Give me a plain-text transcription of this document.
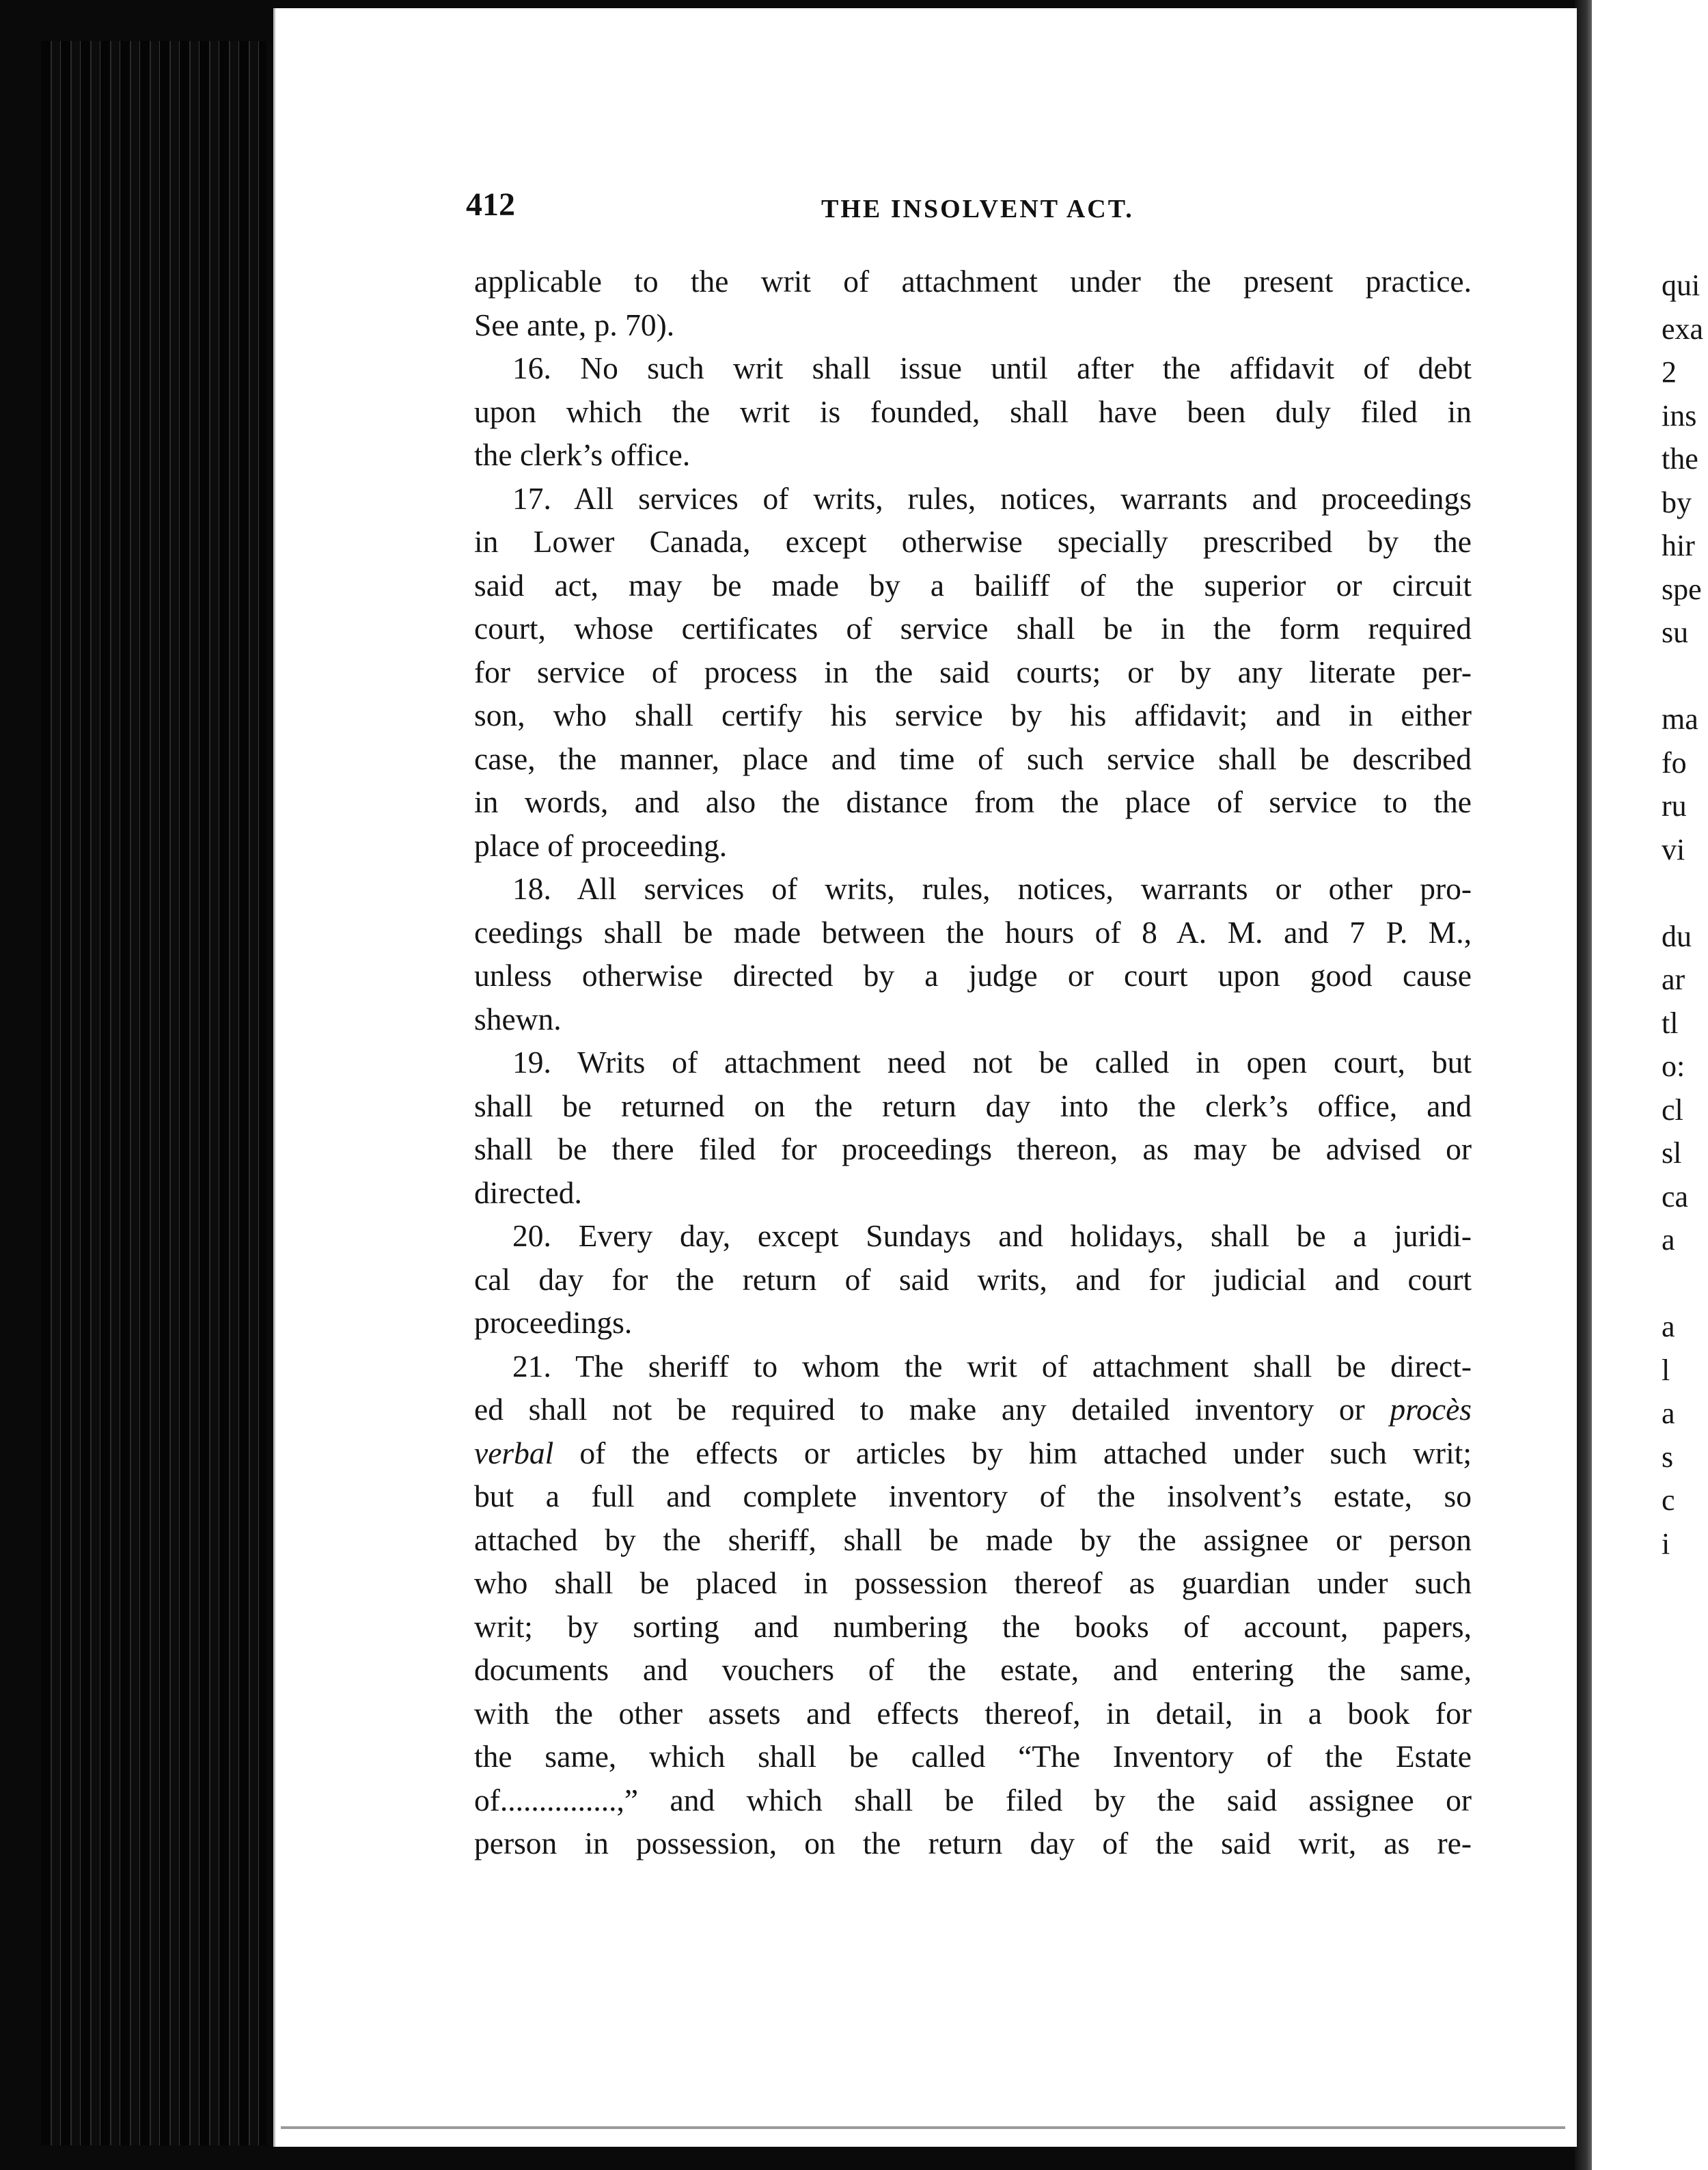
412	THE INSOLVENT ACT.
applicable to the writ of attachment under the present practice.
See ante, p. 70).
16. No such writ shall issue until after the affidavit of debt
upon which the writ is founded, shall have been duly filed in
the clerk’s office.
17. All services of writs, rules, notices, warrants and proceedings
in Lower Canada, except otherwise specially prescribed by the
said act, may be made by a bailiff of the superior or circuit
court, whose certificates of service shall be in the form required
for service of process in the said courts; or by any literate per-
son, who shall certify his service by his affidavit; and in either
case, the manner, place and time of such service shall be described
in words, and also the distance from the place of service to the
place of proceeding.
18. All services of writs, rules, notices, warrants or other pro-
ceedings shall be made between the hours of 8 A. M. and 7 P. M.,
unless otherwise directed by a judge or court upon good cause
shewn.
19. Writs of attachment need not be called in open court, but
shall be returned on the return day into the clerk’s office, and
shall be there filed for proceedings thereon, as may be advised or
directed.
20. Every day, except Sundays and holidays, shall be a juridi-
cal day for the return of said writs, and for judicial and court
proceedings.
21. The sheriff to whom the writ of attachment shall be direct-
ed shall not be required to make any detailed inventory or procès
verbal of the effects or articles by him attached under such writ;
but a full and complete inventory of the insolvent’s estate, so
attached by the sheriff, shall be made by the assignee or person
who shall be placed in possession thereof as guardian under such
writ; by sorting and numbering the books of account, papers,
documents and vouchers of the estate, and entering the same,
with the other assets and effects thereof, in detail, in a book for
the same, which shall be called “The Inventory of the Estate
of...............,” and which shall be filed by the said assignee or
person in possession, on the return day of the said writ, as re-
qui
exa
2
ins
the
by
hir
spe
su
ma
fo
ru
vi
du
ar
tl
o:
cl
sl
ca
a
a
l
a
s
c
i
